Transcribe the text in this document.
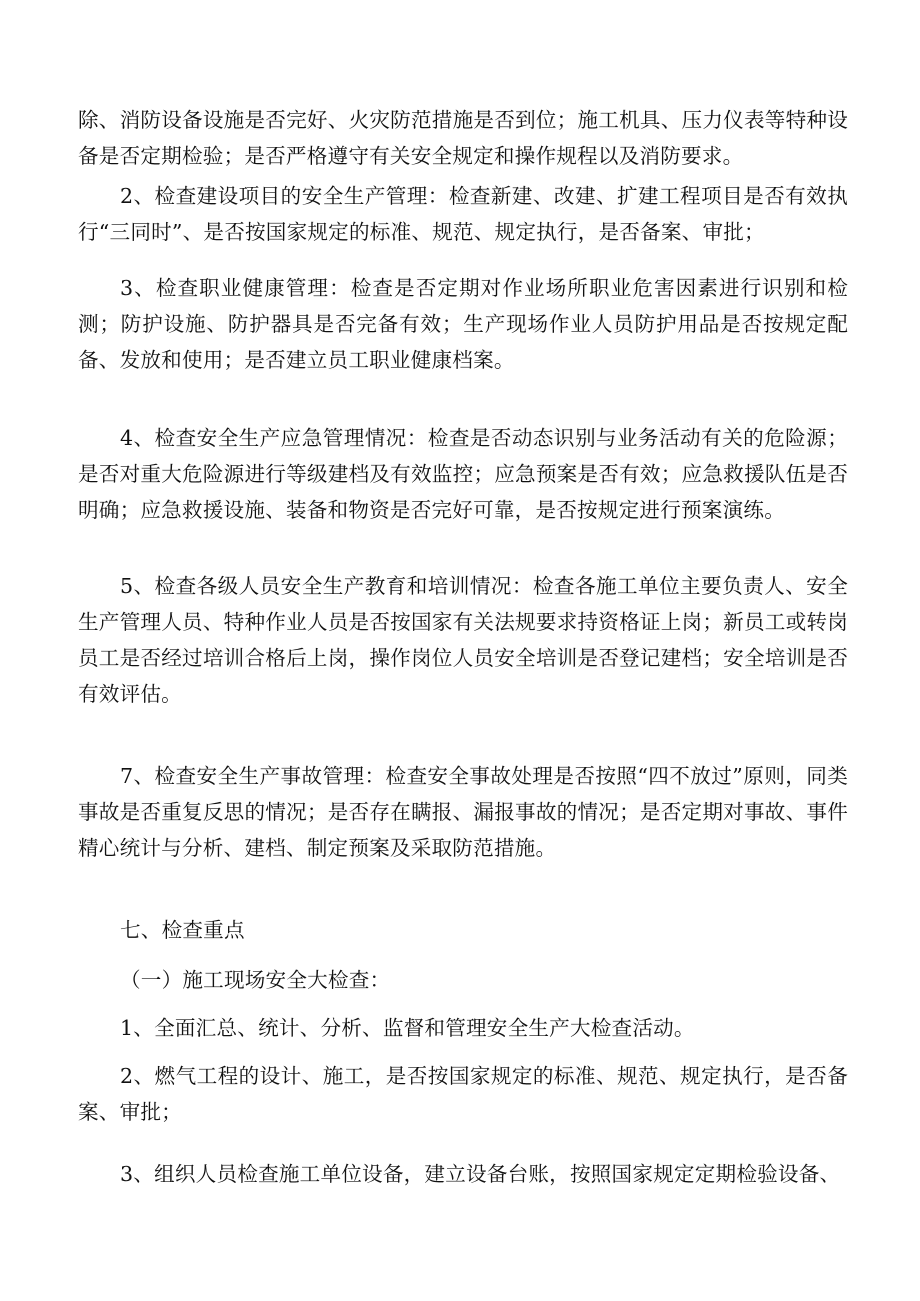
除、消防设备设施是否完好、火灾防范措施是否到位；施工机具、压力仪表等特种设备是否定期检验；是否严格遵守有关安全规定和操作规程以及消防要求。

2、检查建设项目的安全生产管理：检查新建、改建、扩建工程项目是否有效执行“三同时”、是否按国家规定的标准、规范、规定执行，是否备案、审批；

3、检查职业健康管理：检查是否定期对作业场所职业危害因素进行识别和检测；防护设施、防护器具是否完备有效；生产现场作业人员防护用品是否按规定配备、发放和使用；是否建立员工职业健康档案。

4、检查安全生产应急管理情况：检查是否动态识别与业务活动有关的危险源；是否对重大危险源进行等级建档及有效监控；应急预案是否有效；应急救援队伍是否明确；应急救援设施、装备和物资是否完好可靠，是否按规定进行预案演练。

5、检查各级人员安全生产教育和培训情况：检查各施工单位主要负责人、安全生产管理人员、特种作业人员是否按国家有关法规要求持资格证上岗；新员工或转岗员工是否经过培训合格后上岗，操作岗位人员安全培训是否登记建档；安全培训是否有效评估。

7、检查安全生产事故管理：检查安全事故处理是否按照“四不放过”原则，同类事故是否重复反思的情况；是否存在瞒报、漏报事故的情况；是否定期对事故、事件精心统计与分析、建档、制定预案及采取防范措施。

七、检查重点

（一）施工现场安全大检查：

1、全面汇总、统计、分析、监督和管理安全生产大检查活动。

2、燃气工程的设计、施工，是否按国家规定的标准、规范、规定执行，是否备案、审批；

3、组织人员检查施工单位设备，建立设备台账，按照国家规定定期检验设备、
